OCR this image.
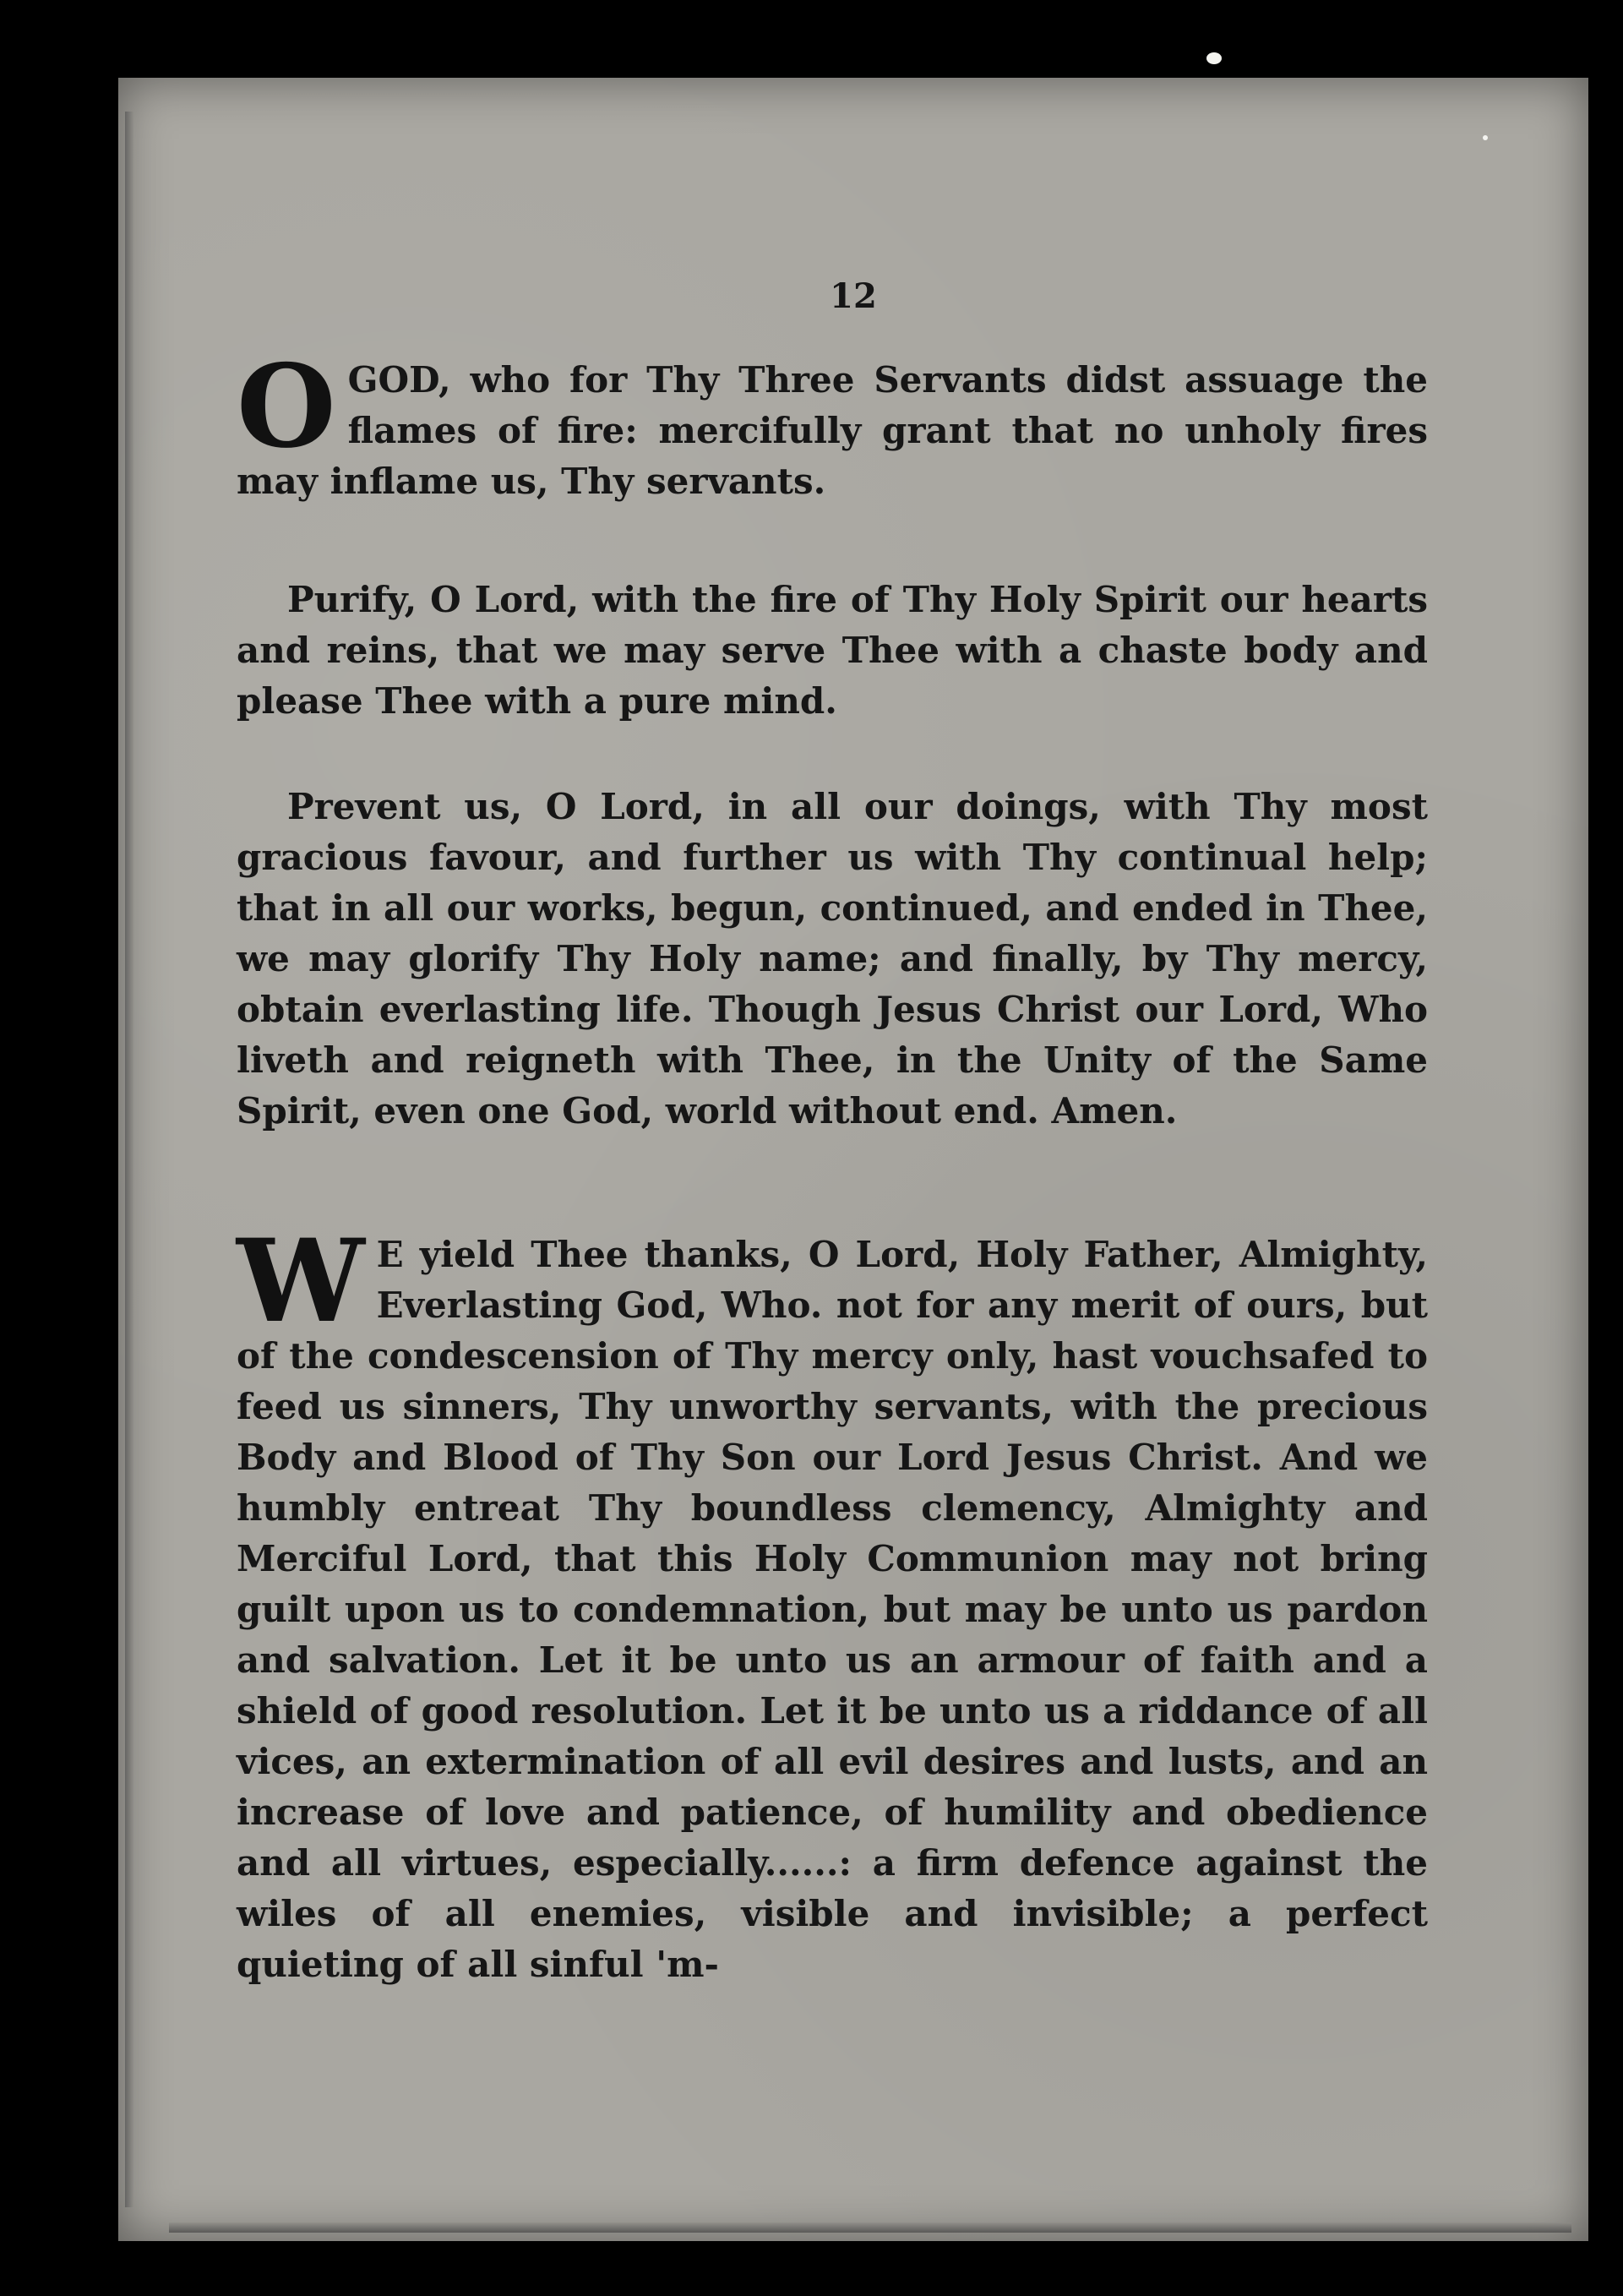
12

OGOD, who for Thy Three Servants didst assuage the flames of fire: mercifully grant that no unholy fires may inflame us, Thy servants.

Purify, O Lord, with the fire of Thy Holy Spirit our hearts and reins, that we may serve Thee with a chaste body and please Thee with a pure mind.

Prevent us, O Lord, in all our doings, with Thy most gracious favour, and further us with Thy continual help; that in all our works, begun, continued, and ended in Thee, we may glorify Thy Holy name; and finally, by Thy mercy, obtain everlasting life. Though Jesus Christ our Lord, Who liveth and reigneth with Thee, in the Unity of the Same Spirit, even one God, world without end. Amen.

W E yield Thee thanks, O Lord, Holy Father, Almighty, Everlasting God, Who. not for any merit of ours, but of the condescension of Thy mercy only, hast vouchsafed to feed us sinners, Thy unworthy servants, with the precious Body and Blood of Thy Son our Lord Jesus Christ. And we humbly entreat Thy boundless clemency, Almighty and Merciful Lord, that this Holy Communion may not bring guilt upon us to condemnation, but may be unto us pardon and salvation. Let it be unto us an armour of faith and a shield of good resolution. Let it be unto us a riddance of all vices, an extermination of all evil desires and lusts, and an increase of love and patience, of humility and obedience and all virtues, especially......: a firm defence against the wiles of all enemies, visible and invisible; a perfect quieting of all sinful 'm-
